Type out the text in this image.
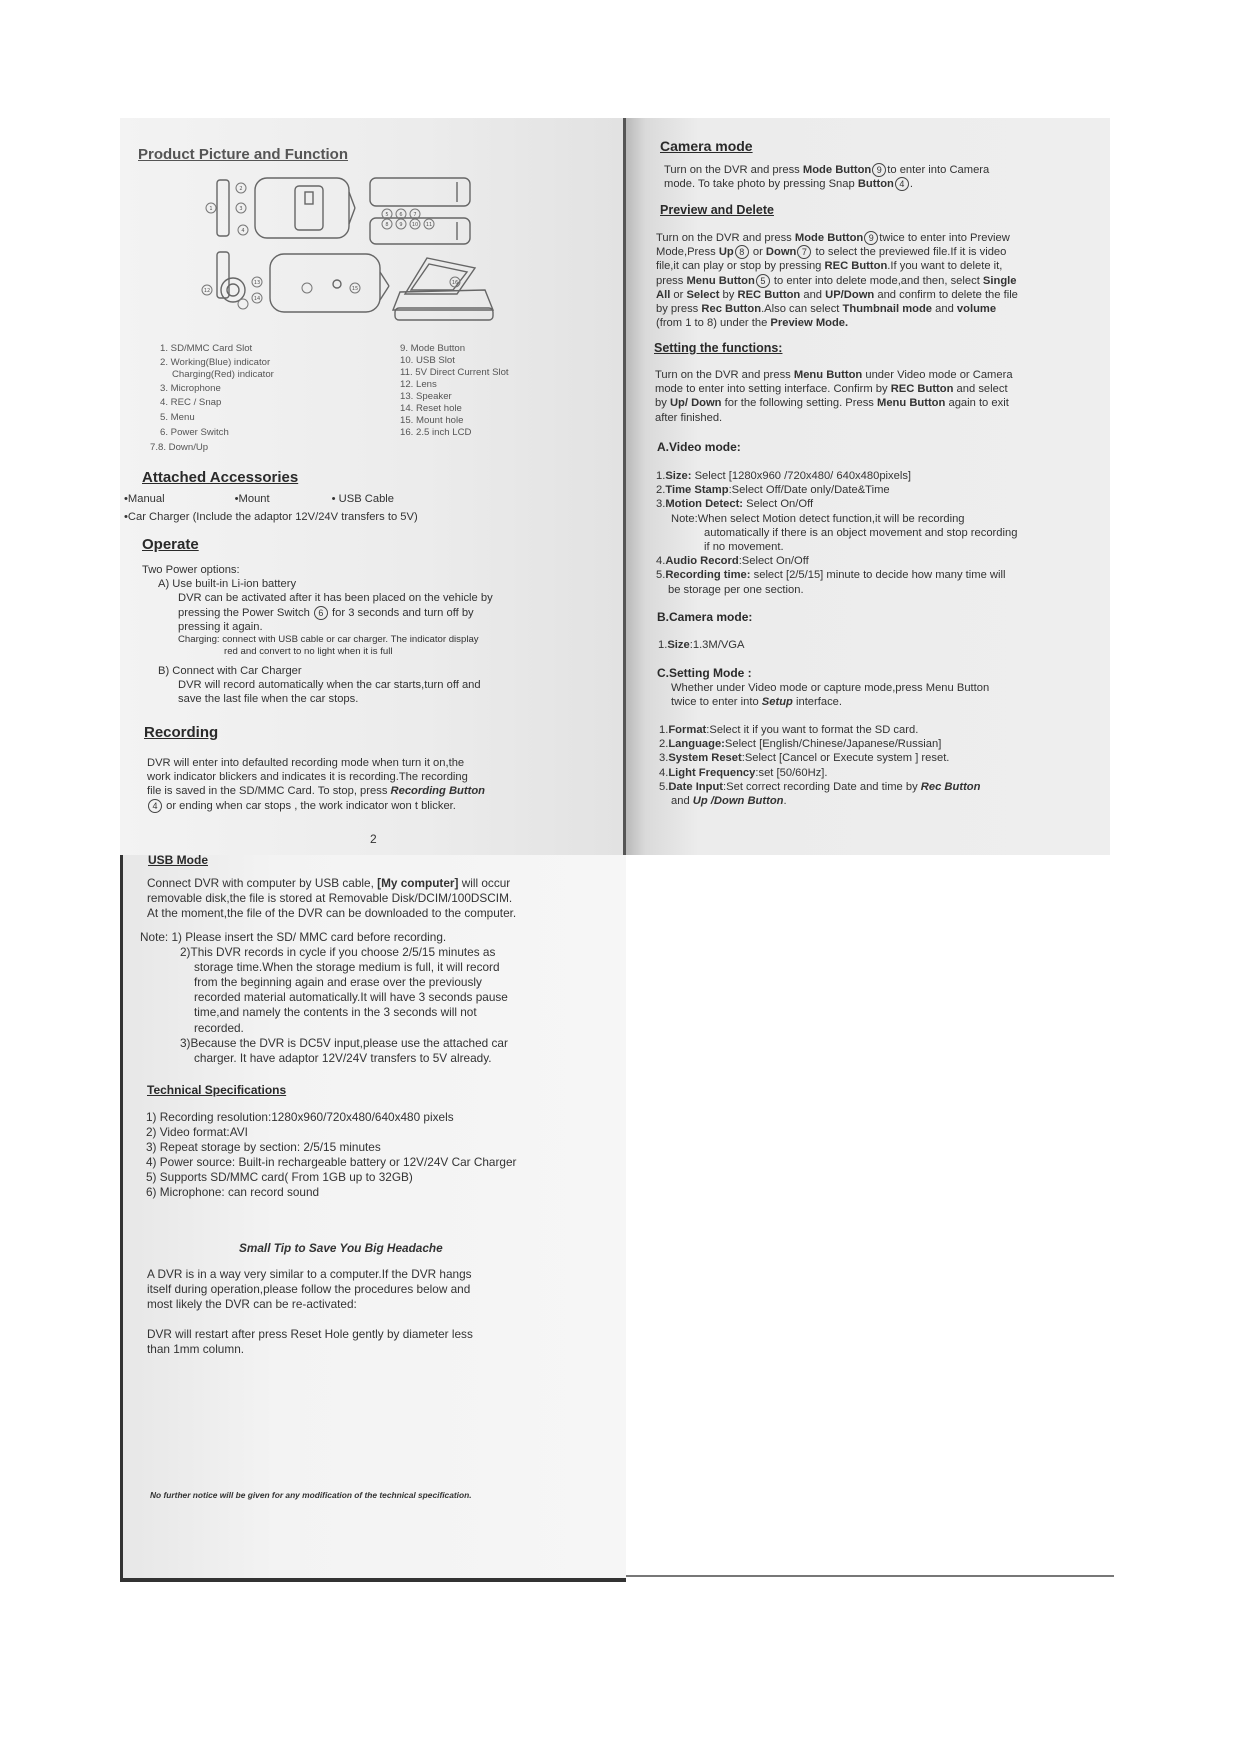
Product Picture and Function
2
3
4
1
5 6 7
8 9 10 11
12
13
14
15
16
1. SD/MMC Card Slot
2. Working(Blue) indicator
Charging(Red) indicator
3. Microphone
4. REC / Snap
5. Menu
6. Power Switch
7.8. Down/Up
9. Mode Button
10. USB Slot
11. 5V Direct Current Slot
12. Lens
13. Speaker
14. Reset hole
15. Mount hole
16. 2.5 inch LCD
Attached Accessories
•Manual	•Mount	• USB Cable
•Car Charger (Include the adaptor 12V/24V transfers to 5V)
Operate
Two Power options:
A) Use built-in Li-ion battery
DVR can be activated after it has been placed on the vehicle by
pressing the Power Switch 6 for 3 seconds and turn off by
pressing it again.
Charging: connect with USB cable or car charger. The indicator display
red and convert to no light when it is full
B) Connect with Car Charger
DVR will record automatically when the car starts,turn off and
save the last file when the car stops.
Recording
DVR will enter into defaulted recording mode when turn it on,the
work indicator blickers and indicates it is recording.The recording
file is saved in the SD/MMC Card. To stop, press Recording Button
4 or ending when car stops , the work indicator won t blicker.
2
Camera mode
Turn on the DVR and press Mode Button 9 to enter into Camera
mode. To take photo by pressing Snap Button 4 .
Preview and Delete
Turn on the DVR and press Mode Button 9 twice to enter into Preview
Mode,Press Up 8 or Down 7 to select the previewed file.If it is video
file,it can play or stop by pressing REC Button.If you want to delete it,
press Menu Button 5 to enter into delete mode,and then, select Single
All or Select by REC Button and UP/Down and confirm to delete the file
by press Rec Button.Also can select Thumbnail mode and volume
(from 1 to 8) under the Preview Mode.
Setting the functions:
Turn on the DVR and press Menu Button under Video mode or Camera
mode to enter into setting interface. Confirm by REC Button and select
by Up/ Down for the following setting. Press Menu Button again to exit
after finished.
A.Video mode:
1.Size: Select [1280x960 /720x480/ 640x480pixels]
2.Time Stamp:Select Off/Date only/Date&Time
3.Motion Detect: Select On/Off
Note:When select Motion detect function,it will be recording
automatically if there is an object movement and stop recording
if no movement.
4.Audio Record:Select On/Off
5.Recording time: select [2/5/15] minute to decide how many time will
be storage per one section.
B.Camera mode:
1.Size:1.3M/VGA
C.Setting Mode :
Whether under Video mode or capture mode,press Menu Button
twice to enter into Setup interface.
1.Format:Select it if you want to format the SD card.
2.Language:Select [English/Chinese/Japanese/Russian]
3.System Reset:Select [Cancel or Execute system ] reset.
4.Light Frequency:set [50/60Hz].
5.Date Input:Set correct recording Date and time by Rec Button
and Up /Down Button.
USB Mode
Connect DVR with computer by USB cable, [My computer] will occur
removable disk,the file is stored at Removable Disk/DCIM/100DSCIM.
At the moment,the file of the DVR can be downloaded to the computer.
Note: 1) Please insert the SD/ MMC card before recording.
2)This DVR records in cycle if you choose 2/5/15 minutes as
storage time.When the storage medium is full, it will record
from the beginning again and erase over the previously
recorded material automatically.It will have 3 seconds pause
time,and namely the contents in the 3 seconds will not
recorded.
3)Because the DVR is DC5V input,please use the attached car
charger. It have adaptor 12V/24V transfers to 5V already.
Technical Specifications
1) Recording resolution:1280x960/720x480/640x480 pixels
2) Video format:AVI
3) Repeat storage by section: 2/5/15 minutes
4) Power source: Built-in rechargeable battery or 12V/24V Car Charger
5) Supports SD/MMC card( From 1GB up to 32GB)
6) Microphone: can record sound
Small Tip to Save You Big Headache
A DVR is in a way very similar to a computer.If the DVR hangs
itself during operation,please follow the procedures below and
most likely the DVR can be re-activated:
DVR will restart after press Reset Hole gently by diameter less
than 1mm column.
No further notice will be given for any modification of the technical specification.
